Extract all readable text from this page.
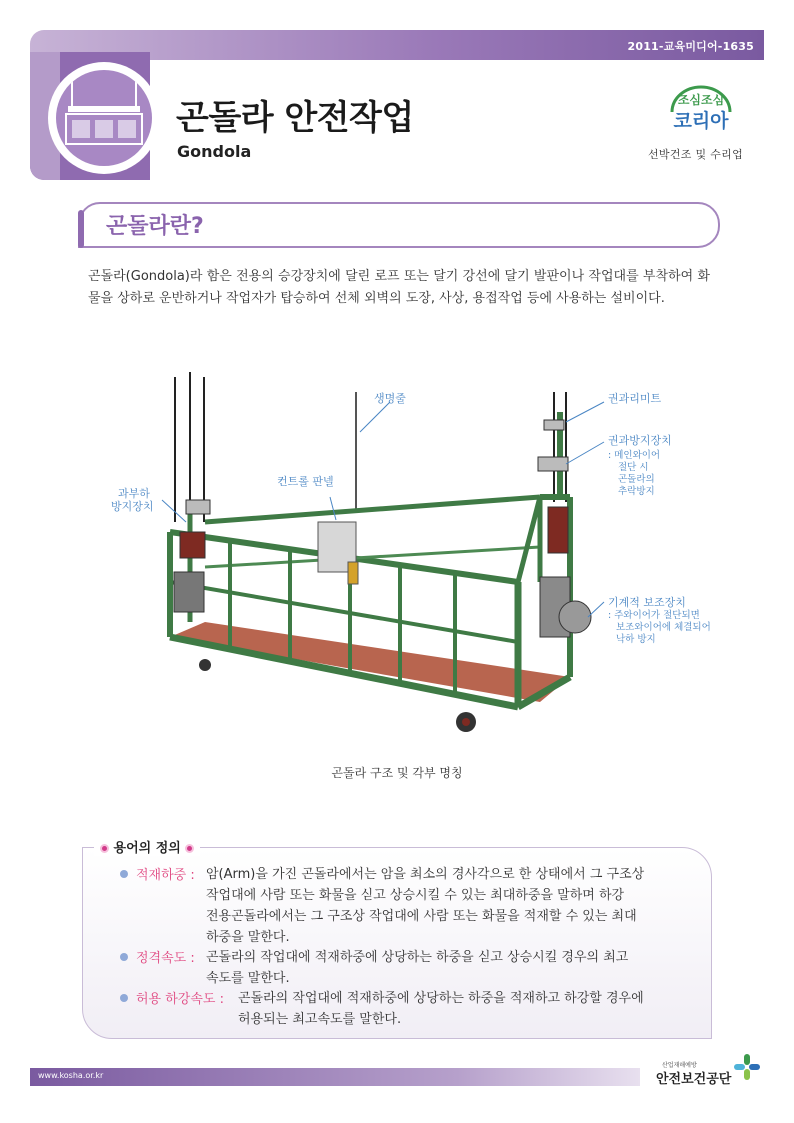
2011-교육미디어-1635
곤돌라 안전작업
Gondola
조심조심
코리아
선박건조 및 수리업
곤돌라란?
곤돌라(Gondola)라 함은 전용의 승강장치에 달린 로프 또는 달기 강선에 달기 발판이나 작업대를 부착하여 화물을 상하로 운반하거나 작업자가 탑승하여 선체 외벽의 도장, 사상, 용접작업 등에 사용하는 설비이다.
생명줄
컨트롤 판넬
과부하
방지장치
권과리미트
권과방지장치
: 메인와이어
절단 시
곤돌라의
추락방지
기계적 보조장치
: 주와이어가 절단되면
보조와이어에 체결되어
낙하 방지
곤돌라 구조 및 각부 명칭
용어의 정의
적재하중 : 암(Arm)을 가진 곤돌라에서는 암을 최소의 경사각으로 한 상태에서 그 구조상
작업대에 사람 또는 화물을 싣고 상승시킬 수 있는 최대하중을 말하며 하강
전용곤돌라에서는 그 구조상 작업대에 사람 또는 화물을 적재할 수 있는 최대
하중을 말한다.
정격속도 : 곤돌라의 작업대에 적재하중에 상당하는 하중을 싣고 상승시킬 경우의 최고
속도를 말한다.
허용 하강속도 : 곤돌라의 작업대에 적재하중에 상당하는 하중을 적재하고 하강할 경우에
허용되는 최고속도를 말한다.
www.kosha.or.kr
산업재해예방
안전보건공단
